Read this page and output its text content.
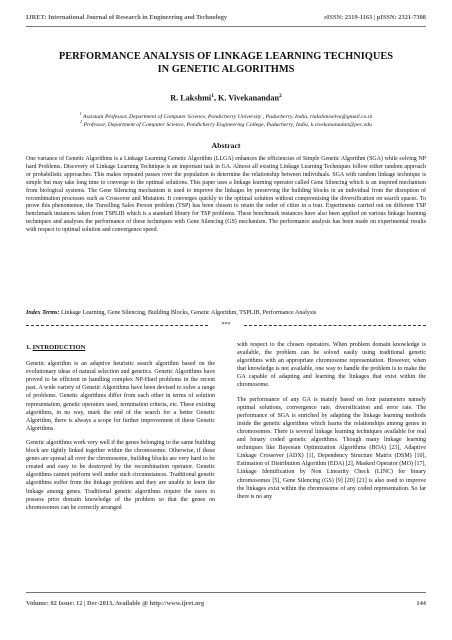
IJRET: International Journal of Research in Engineering and Technology	eISSN: 2319-1163 | pISSN: 2321-7308
PERFORMANCE ANALYSIS OF LINKAGE LEARNING TECHNIQUES
IN GENETIC ALGORITHMS
R. Lakshmi$^1$, K. Vivekanandan$^2$
$^1$ Assistant Professor, Department of Computer Science, Pondicherry University , Puducherry, India, rlakshmiselva@gmail.co.in
$^2$ Professor, Department of Computer Science, Pondicherry Engineering College, Puducherry, India, k.vivekananadan@pec.edu
Abstract
One variance of Genetic Algorithms is a Linkage Learning Genetic Algorithm (LLGA) enhances the efficiencies of Simple Genetic Algorithm (SGA) while solving NP hard Problems. Discovery of Linkage Learning Technique is an important task in GA. Almost all existing Linkage Learning Techniques follow either random approach or probabilistic approaches. This makes repeated passes over the population to determine the relationship between individuals. SGA with random linkage technique is simple but may take long time to converge to the optimal solutions. This paper uses a linkage learning operator called Gene Silencing which is an inspired mechanism from biological systems. The Gene Silencing mechanism is used to improve the linkages by preserving the building blocks in an individual from the disruption of recombination processes such as Crossover and Mutation. It converges quickly to the optimal solution without compromising the diversification on search spaces. To prove this phenomenon, the Travelling Sales Person problem (TSP) has been chosen to retain the order of cities in a tour. Experiments carried out on different TSP benchmark instances taken from TSPLIB which is a standard library for TSP problems. These benchmark instances have also been applied on various linkage learning techniques and analyses the performance of these techniques with Gene Silencing (GS) mechanism. The performance analysis has been made on experimental results with respect to optimal solution and convergence speed.
Index Terms: Linkage Learning, Gene Silencing, Building Blocks, Genetic Algorithm, TSPLIB, Performance Analysis
***
1. INTRODUCTION

Genetic algorithm is an adaptive heuristic search algorithm based on the evolutionary ideas of natural selection and genetics. Genetic Algorithms have proved to be efficient in handling complex NP-Hard problems in the recent past. A wide variety of Genetic Algorithms have been devised to solve a range of problems. Genetic algorithms differ from each other in terms of solution representation, genetic operators used, termination criteria, etc. These existing algorithms, in no way, mark the end of the search for a better Genetic Algorithm, there is always a scope for further improvement of these Genetic Algorithms.

Genetic algorithms work very well if the genes belonging to the same building block are tightly linked together within the chromosome. Otherwise, if these genes are spread all over the chromosome, building blocks are very hard to be created and easy to be destroyed by the recombination operator. Genetic algorithms cannot perform well under such circumstances. Traditional genetic algorithms suffer from the linkage problem and they are unable to learn the linkage among genes. Traditional genetic algorithms require the users to possess prior domain knowledge of the problem so that the genes on chromosomes can be correctly arranged

with respect to the chosen operators. When problem domain knowledge is available, the problem can be solved easily using traditional genetic algorithms with an appropriate chromosome representation. However, when that knowledge is not available, one way to handle the problem is to make the GA capable of adapting and learning the linkages that exist within the chromosome.

The performance of any GA is mainly based on four parameters namely optimal solutions, convergence rate, diversification and error rate. The performance of SGA is enriched by adapting the linkage learning methods inside the genetic algorithms which learns the relationships among genes in chromosomes. There is several linkage learning techniques available for real and binary coded genetic algorithms. Though many linkage learning techniques like Bayesian Optimization Algorithms (BOA) [23], Adaptive Linkage Crossover (ADX) [1], Dependency Structure Matrix (DSM) [10], Estimation of Distribution Algorithm (EDA) [2], Masked Operator (MO) [17], Linkage Identification by Non Linearity Check (LINC) for binary chromosomes [5], Gene Silencing (GS) [9] [20] [21] is also used to improve the linkages exist within the chromosome of any coded representation. So far there is no any

Volume: 02 Issue: 12 | Dec-2013, Available @ http://www.ijret.org	144
